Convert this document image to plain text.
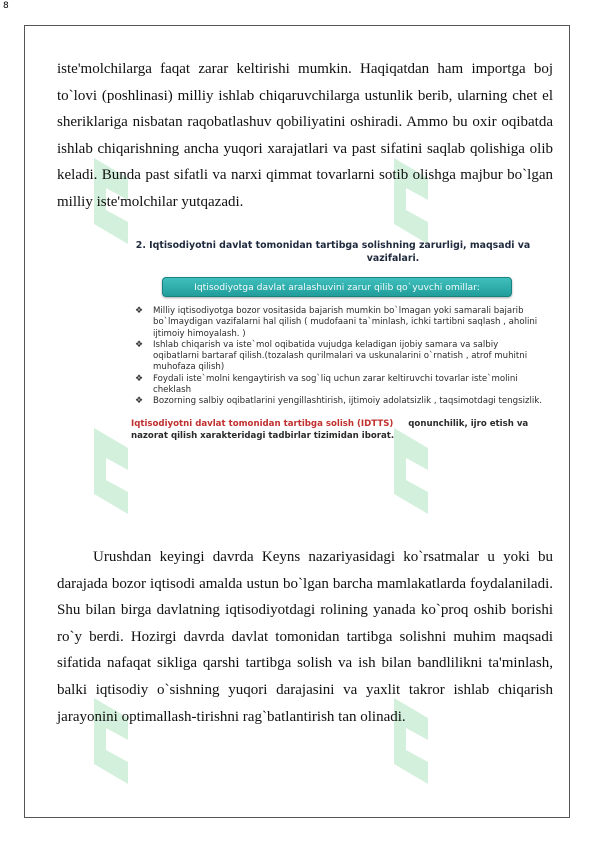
8

iste'molchilarga faqat zarar keltirishi mumkin. Haqiqatdan ham importga boj to`lovi (poshlinasi) milliy ishlab chiqaruvchilarga ustunlik berib, ularning chet el sheriklariga nisbatan raqobatlashuv qobiliyatini oshiradi. Ammo bu oxir oqibatda ishlab chiqarishning ancha yuqori xarajatlari va past sifatini saqlab qolishiga olib keladi. Bunda past sifatli va narxi qimmat tovarlarni sotib olishga majbur bo`lgan milliy iste'molchilar yutqazadi.

2. Iqtisodiyotni davlat tomonidan tartibga solishning zarurligi, maqsadi va
vazifalari.
Iqtisodiyotga davlat aralashuvini zarur qilib qo`yuvchi omillar:
❖ Milliy iqtisodiyotga bozor vositasida bajarish mumkin bo`lmagan yoki samarali bajarib bo`lmaydigan vazifalarni hal qilish ( mudofaani ta`minlash, ichki tartibni saqlash , aholini ijtimoiy himoyalash. )
❖ Ishlab chiqarish va iste`mol oqibatida vujudga keladigan ijobiy samara va salbiy oqibatlarni bartaraf qilish.(tozalash qurilmalari va uskunalarini o`rnatish , atrof muhitni muhofaza qilish)
❖ Foydali iste`molni kengaytirish va sog`liq uchun zarar keltiruvchi tovarlar iste`molini cheklash
❖ Bozorning salbiy oqibatlarini yengillashtirish, ijtimoiy adolatsizlik , taqsimotdagi tengsizlik.
Iqtisodiyotni davlat tomonidan tartibga solish (IDTTS)     qonunchilik, ijro etish va nazorat qilish xarakteridagi tadbirlar tizimidan iborat.

Urushdan keyingi davrda Keyns nazariyasidagi ko`rsatmalar u yoki bu darajada bozor iqtisodi amalda ustun bo`lgan barcha mamlakatlarda foydalaniladi. Shu bilan birga davlatning iqtisodiyotdagi rolining yanada ko`proq oshib borishi ro`y berdi. Hozirgi davrda davlat tomonidan tartibga solishni muhim maqsadi sifatida nafaqat sikliga qarshi tartibga solish va ish bilan bandlilikni ta'minlash, balki iqtisodiy o`sishning yuqori darajasini va yaxlit takror ishlab chiqarish jarayonini optimallash-tirishni rag`batlantirish tan olinadi.
